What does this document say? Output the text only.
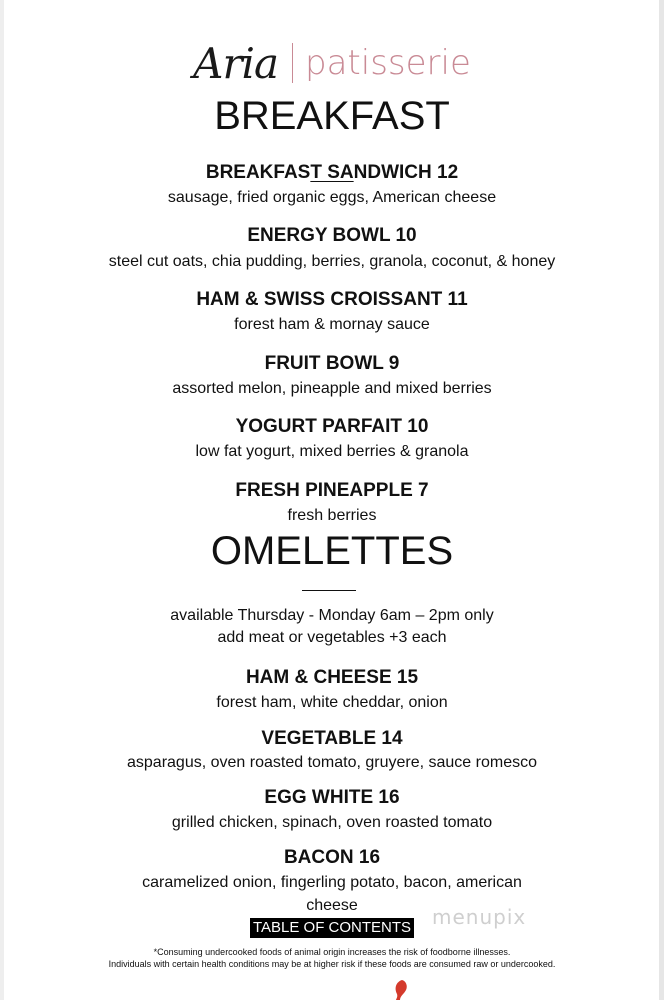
Aria patisserie
BREAKFAST
BREAKFAST SANDWICH 12
sausage, fried organic eggs, American cheese
ENERGY BOWL 10
steel cut oats, chia pudding, berries, granola, coconut, & honey
HAM & SWISS CROISSANT 11
forest ham & mornay sauce
FRUIT BOWL 9
assorted melon, pineapple and mixed berries
YOGURT PARFAIT 10
low fat yogurt, mixed berries & granola
FRESH PINEAPPLE 7
fresh berries
OMELETTES
available Thursday - Monday 6am – 2pm only
add meat or vegetables +3 each
HAM & CHEESE 15
forest ham, white cheddar, onion
VEGETABLE 14
asparagus, oven roasted tomato, gruyere, sauce romesco
EGG WHITE 16
grilled chicken, spinach, oven roasted tomato
BACON 16
caramelized onion, fingerling potato, bacon, american
cheese	menupix
TABLE OF CONTENTS
*Consuming undercooked foods of animal origin increases the risk of foodborne illnesses.
Individuals with certain health conditions may be at higher risk if these foods are consumed raw or undercooked.
